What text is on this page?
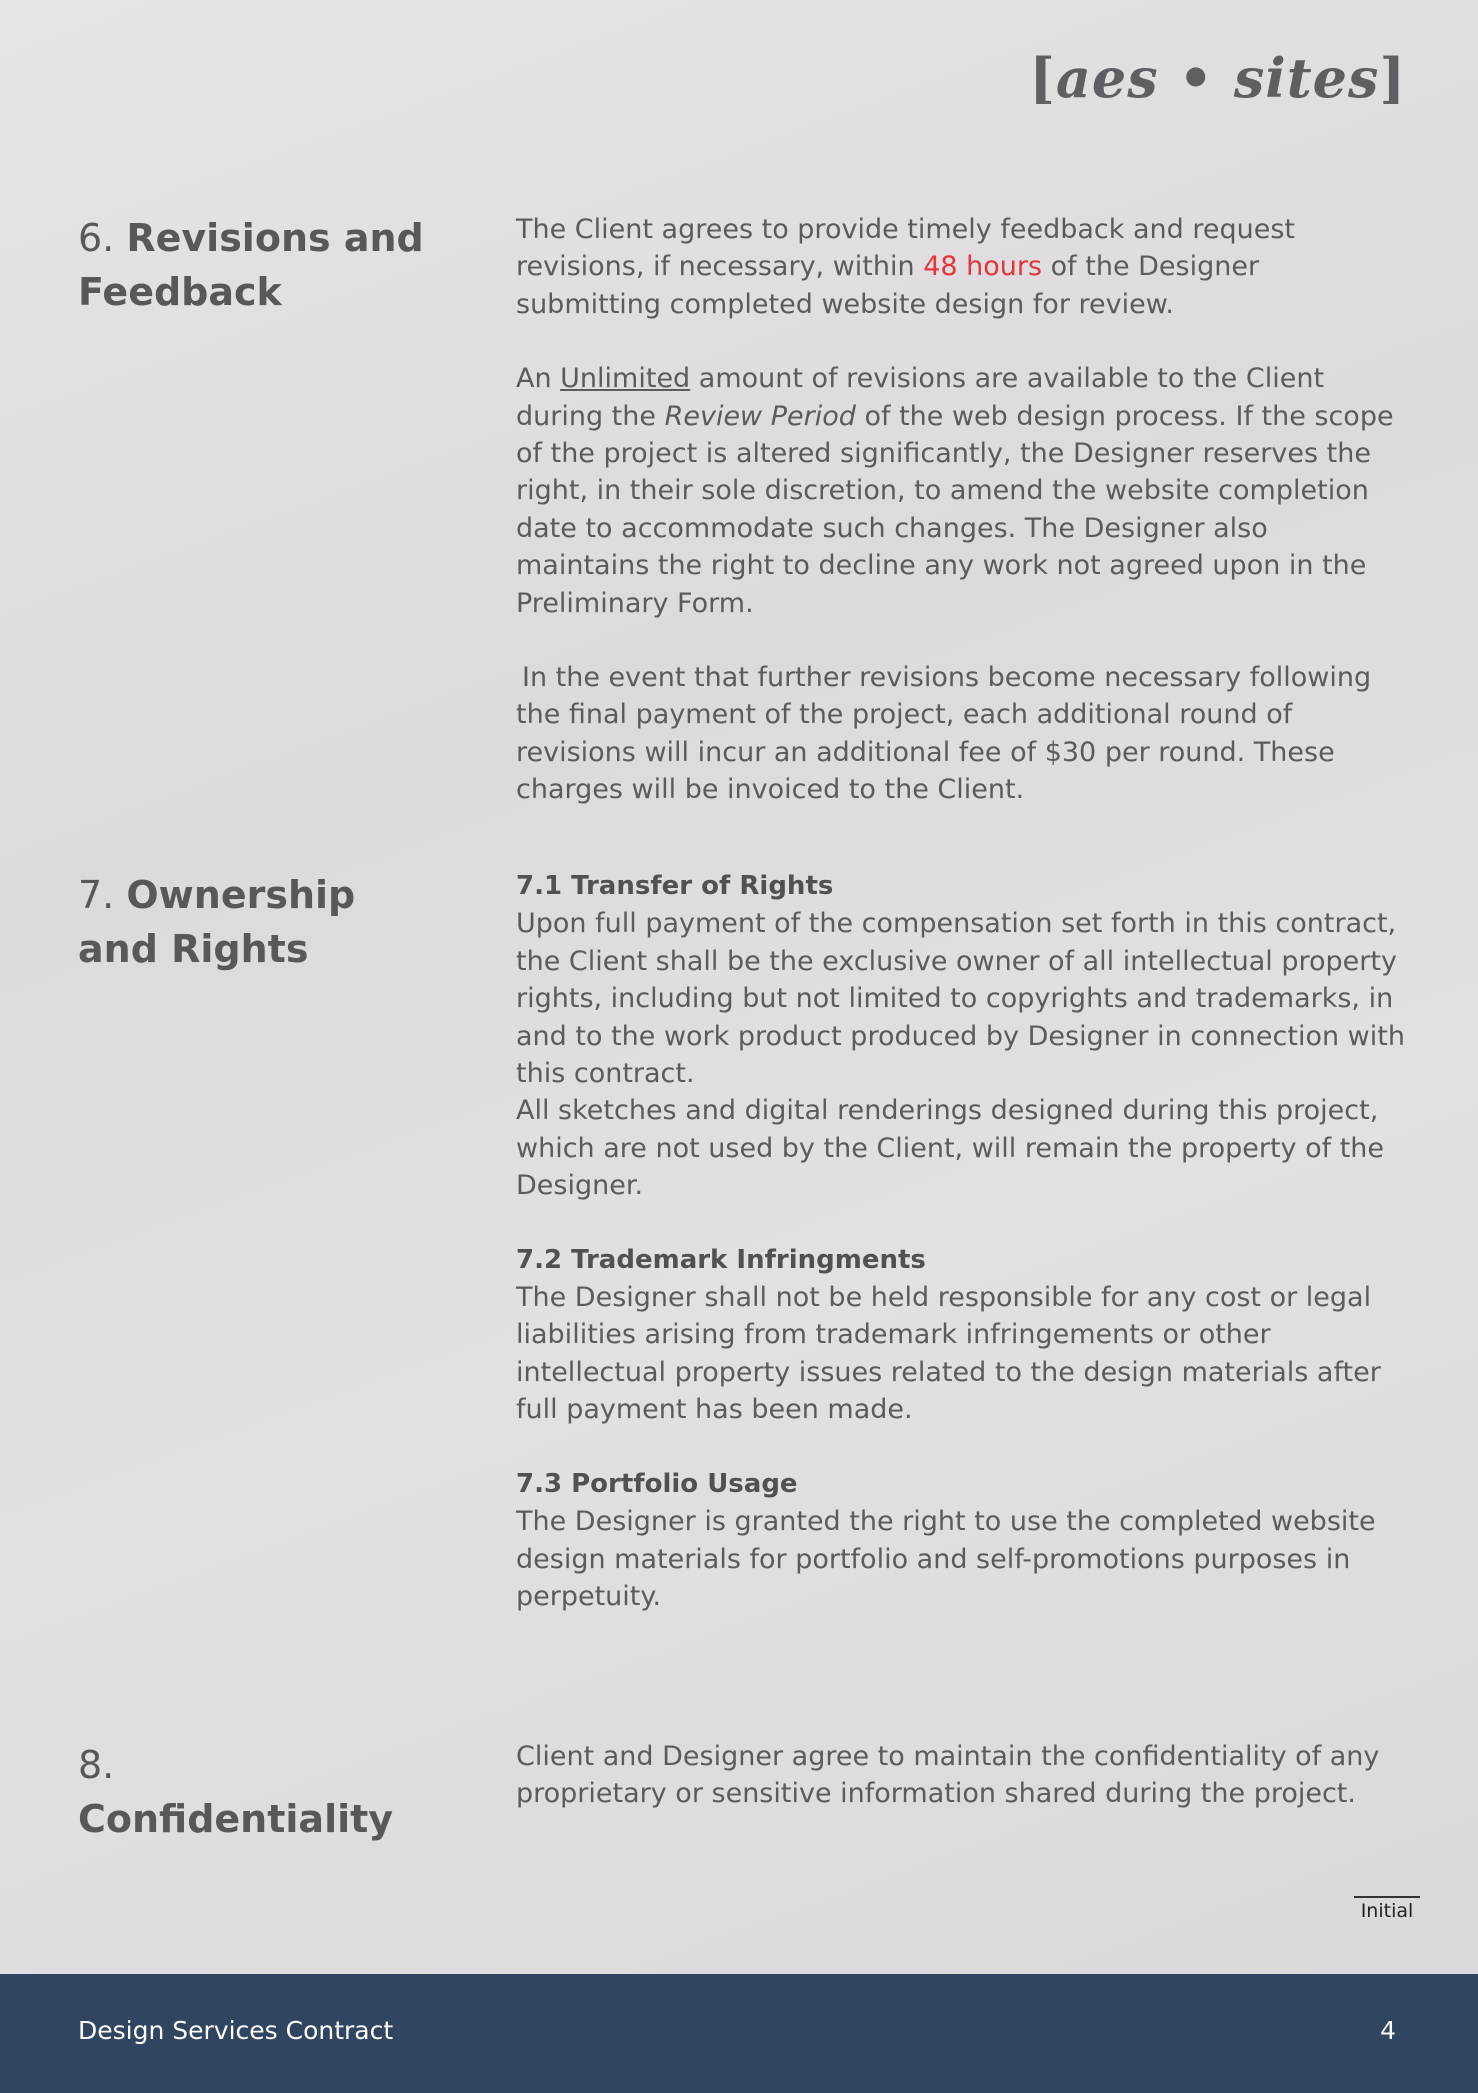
[aes • sites]
6. Revisions and Feedback

The Client agrees to provide timely feedback and request revisions, if necessary, within 48 hours of the Designer submitting completed website design for review.

An Unlimited amount of revisions are available to the Client during the Review Period of the web design process. If the scope of the project is altered significantly, the Designer reserves the right, in their sole discretion, to amend the website completion date to accommodate such changes. The Designer also maintains the right to decline any work not agreed upon in the Preliminary Form.

In the event that further revisions become necessary following the final payment of the project, each additional round of revisions will incur an additional fee of $30 per round. These charges will be invoiced to the Client.

7. Ownership and Rights

7.1 Transfer of Rights

Upon full payment of the compensation set forth in this contract, the Client shall be the exclusive owner of all intellectual property rights, including but not limited to copyrights and trademarks, in and to the work product produced by Designer in connection with this contract.

All sketches and digital renderings designed during this project, which are not used by the Client, will remain the property of the Designer.

7.2 Trademark Infringments

The Designer shall not be held responsible for any cost or legal liabilities arising from trademark infringements or other intellectual property issues related to the design materials after full payment has been made.

7.3 Portfolio Usage

The Designer is granted the right to use the completed website design materials for portfolio and self-promotions purposes in perpetuity.

8. Confidentiality

Client and Designer agree to maintain the confidentiality of any proprietary or sensitive information shared during the project.

Initial
Design Services Contract	4
